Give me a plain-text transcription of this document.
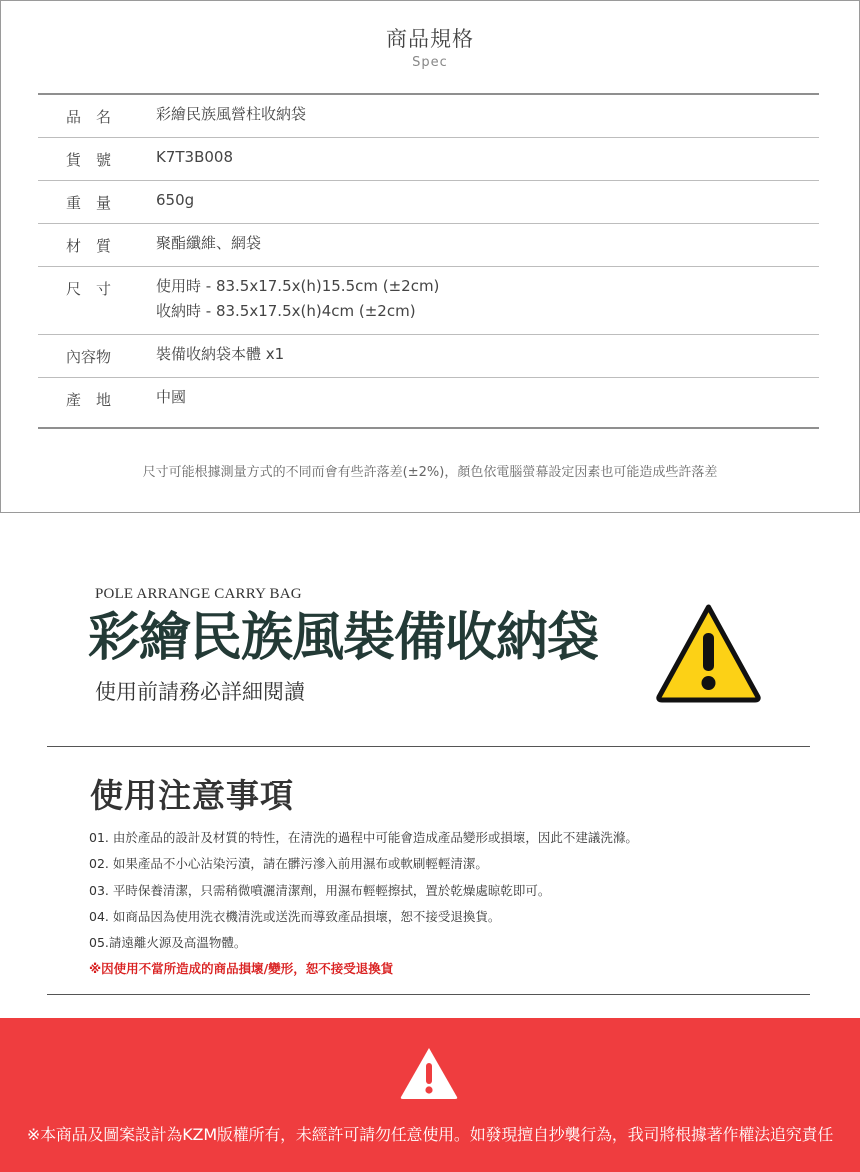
商品規格
Spec
品　名	彩繪民族風營柱收納袋
貨　號	K7T3B008
重　量	650g
材　質	聚酯纖維、網袋
尺　寸	使用時 - 83.5x17.5x(h)15.5cm (±2cm)
收納時 - 83.5x17.5x(h)4cm (±2cm)
內容物	裝備收納袋本體 x1
產　地	中國
尺寸可能根據測量方式的不同而會有些許落差(±2%)，顏色依電腦螢幕設定因素也可能造成些許落差
POLE ARRANGE CARRY BAG
彩繪民族風裝備收納袋
使用前請務必詳細閱讀
使用注意事項
01. 由於產品的設計及材質的特性，在清洗的過程中可能會造成產品變形或損壞，因此不建議洗滌。
02. 如果產品不小心沾染污漬，請在髒污滲入前用濕布或軟刷輕輕清潔。
03. 平時保養清潔，只需稍微噴灑清潔劑，用濕布輕輕擦拭，置於乾燥處晾乾即可。
04. 如商品因為使用洗衣機清洗或送洗而導致產品損壞，恕不接受退換貨。
05.請遠離火源及高溫物體。
※因使用不當所造成的商品損壞/變形，恕不接受退換貨
※本商品及圖案設計為KZM版權所有，未經許可請勿任意使用。如發現擅自抄襲行為，我司將根據著作權法追究責任
